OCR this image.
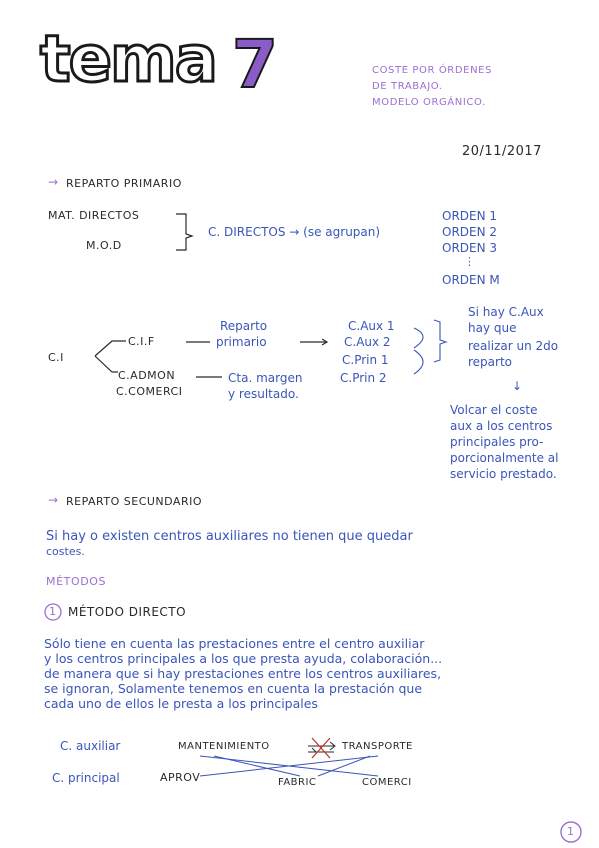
tema 7	COSTE POR ÓRDENES
DE TRABAJO.
MODELO ORGÁNICO.
20/11/2017
→ REPARTO PRIMARIO
MAT. DIRECTOS
M.O.D
C. DIRECTOS → (se agrupan)
ORDEN 1
ORDEN 2
ORDEN 3
⋮
ORDEN M
C.I
C.I.F
C.ADMON
C.COMERCI
Reparto
primario
Cta. margen
y resultado.
C.Aux 1
C.Aux 2
C.Prin 1
C.Prin 2
Si hay C.Aux
hay que
realizar un 2do
reparto
↓
Volcar el coste
aux a los centros
principales pro-
porcionalmente al
servicio prestado.
→ REPARTO SECUNDARIO
Si hay o existen centros auxiliares no tienen que quedar
costes.
MÉTODOS
1 MÉTODO DIRECTO
Sólo tiene en cuenta las prestaciones entre el centro auxiliar
y los centros principales a los que presta ayuda, colaboración...
de manera que si hay prestaciones entre los centros auxiliares,
se ignoran, Solamente tenemos en cuenta la prestación que
cada uno de ellos le presta a los principales
C. auxiliar	MANTENIMIENTO	TRANSPORTE
C. principal	APROV	FABRIC	COMERCI
1
